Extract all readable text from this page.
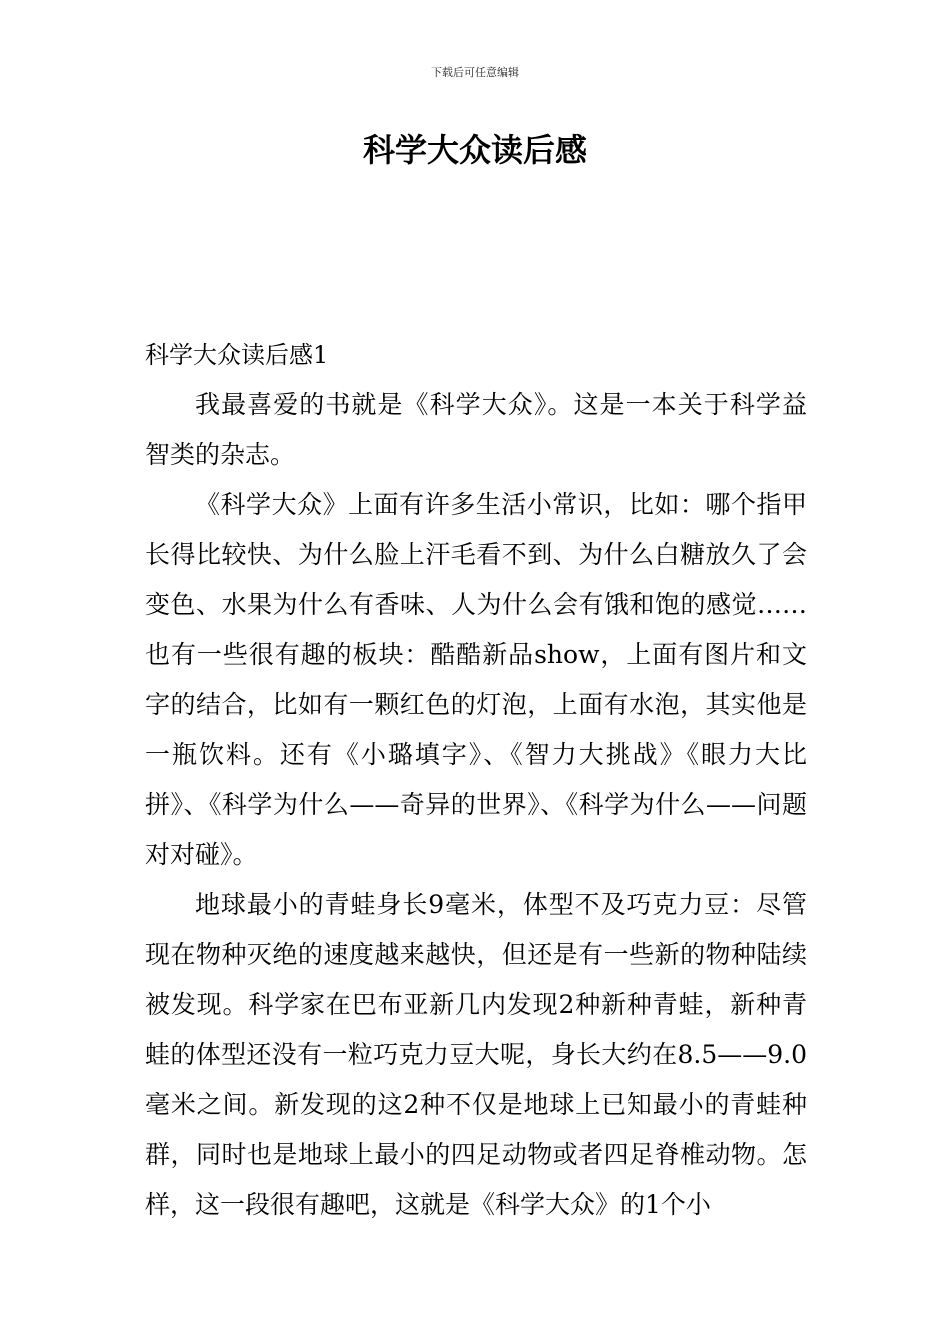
下载后可任意编辑
科学大众读后感

科学大众读后感1

我最喜爱的书就是《科学大众》。这是一本关于科学益智类的杂志。

《科学大众》上面有许多生活小常识，比如：哪个指甲长得比较快、为什么脸上汗毛看不到、为什么白糖放久了会变色、水果为什么有香味、人为什么会有饿和饱的感觉……也有一些很有趣的板块：酷酷新品show，上面有图片和文字的结合，比如有一颗红色的灯泡，上面有水泡，其实他是一瓶饮料。还有《小璐填字》、《智力大挑战》《眼力大比拼》、《科学为什么——奇异的世界》、《科学为什么——问题对对碰》。

地球最小的青蛙身长9毫米，体型不及巧克力豆：尽管现在物种灭绝的速度越来越快，但还是有一些新的物种陆续被发现。科学家在巴布亚新几内发现2种新种青蛙，新种青蛙的体型还没有一粒巧克力豆大呢，身长大约在8.5——9.0毫米之间。新发现的这2种不仅是地球上已知最小的青蛙种群，同时也是地球上最小的四足动物或者四足脊椎动物。怎样，这一段很有趣吧，这就是《科学大众》的1个小
